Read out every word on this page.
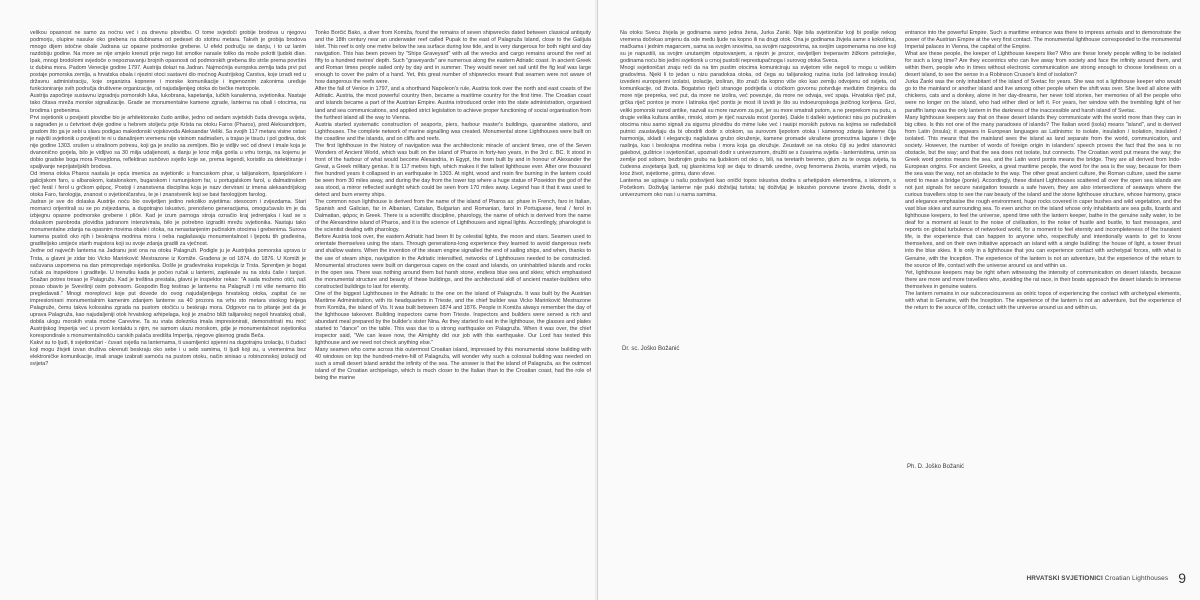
velikou opasnost ne samo za noćnu već i za dnevnu plovidbu. O tome svjedoči grobije brodova u njegovu podmorju, olupine nasuke oko grebena na dubinama od pedeset do stotinu metara. Takvih je grobija brodova mnogo dijem istočne obale Jadrana uz opasne podmorske grebene. U efekt području se danju, i to uz lanim razdobiju godine. Na more se nije smjelo krenuti prije nego list smotke narasle toliko da može pokriti ljudski dlan. Ipak, mnogi brodolomi svjedoče o nepoznavanju brojnih opasnosti od podmorskih grebena što strše prema površini iz dubina mora. Padom Venecije godine 1797. Austrija dolazi na Jadran. Najmoćnija europska zemlja tada prvi put postaje pomorska zemlja, a hrvatska obala i njezini otoci sastavni dio moćnog Austrijskog Carstva, koje izradi red u državnu administraciju, koje organizira kopnene i morske komunikacije i ingenoznim zakonima uređuje funkcioniranje svih područja društvene organizacije, od najudaljenijeg otoka do bečke metropole.

Austrija započinje sustavnu izgradnju pomorskih luka, lukobrana, kapetanija, lučkih kanalenna, svjetionika. Nastaje tako čitava mreža morske signalizacije. Grade se monumentalne kamene zgrade, lanterna na obali i otocima, na brodima i grebenima.

Prvi svjetionik u povijesti plovidbe bio je arhitektonsko čudo antike, jedno od sedam svjetskih čuda drevoga svijeta, a sagrađen je u četvrtoet dvije godine u hebrem stoljeću prije Krista na otoku Faros (Pharos), pred Aleksandrijom, gradom što ga je sebi u slavu podigao makedonski vojskovođa Aleksandar Veliki. Sa svojih 117 metara visine ostao je najviši svjetionik u povijesti te ni u današnjem vremenu nije visinom nadmašen, a trajao je tisuću i pol godina, dok nije godine 1303. srušen u strašnom potresu, koji ga je srušio sa zemljom. Bio je vidljiv već od dnevi i imale koja je dvanonično gorjela, bilo je vidljivo sa 30 milja udaljenosti, a danju je kroz milja gorila u vrhu tornja, na kojemu je dobio gradske boga mora Posejdona, reflektirao sunčevo svjetlo koje se, prema legendi, koristilo za detektiranje i spaljivanje neprijateljskih brodova.

Od imena otoka Pharos nastala je opća imenica za svjetionik: u francuskom phar, u talijanskom, španjolskom i galicijskom faro, u albanskom, katalonskom, bugarskom i rumunjskom far, u portugalskom farol, u dalmatinskom riječ ferál / ferol u grčkom φάρος. Postoji i znanstvena disciplina koja je nazv dervirani iz imena aleksandrijskog otoka Faro, farologija, znanost o svjetioničarstvu, te je i znanstvenik koji se bavi farologijom farolog.

Jadran je sve do dolaska Austrije noću bio osvijetljen jedino nekoliko svjetiima: stesocom i zvijezdama. Stari mornarci orijentirali su se po zvijezdama, a dugotrajno iskustvo, prenošeno generacijama, omogućavalo im je da izbjegnu opasne podmorske grebene i pliće. Kad je izum parnoga stroja označio kraj jedrenjaka i kad se s dolaskom parobroda plovidba jadranom intenzivirala, bilo je potrebno izgraditi mrežu svjetionika. Nastaju tako monumentalne zdanja na opasnim rtovima obale i otoka, na nenastanjenim pučinskim otocima i grebenima. Surova kamena pustoš oko njih i beskrajna modrina mora i neba naglašavaju monumentalnost i ljepotu tih građevina, graditeljsko umijeće starih majstora koji su svoje zdanja gradili za vječnost.

Jedne od najvećih lanterna na Jadranu jest ona na otoku Palagruži. Podigle ju je Austrijska pomorska uprava iz Trsta, a glavni je zidar bio Vicko Marinković Mestrazone iz Komiže. Građena je od 1874. do 1876. U Komiži je sačuvana uspomena na dan primopredaje svjetionika. Došle je građevinska inspekcija iz Trsta. Sprentjen je bogat ručak za inspektore i graditelje. U trenutku kada je počeo ručak u lanterni, zaplesale su na stolu čaše i tanjuri. Snažan potres tresao je Palagružu. Kad je treština prestala, glavni je inspektor rekao: "A sada možemo otići, naš posao obavio je Svevišnji osim potresom. Gospodin Bog testirao je lanternu na Palagruži i mi više nemamo što pregledavati." Mnogi moreplovci koje put dovede do ovog najudaljenijega hrvatskog otoka, zapitat će se impresionirani monumentalnim kamenim zdanjem lanterne sa 40 prozora na vrhu sto metara visokog brijega Palagruže, čemu takva kolosalna zgrada na pustom otočiću u beskraju mora. Odgovor na to pitanje jest da je uprava Palagruža, kao najudaljeniji otok hrvatskog arhipelaga, koji je značno bliži talijanskoj negoli hrvatskoj obali, dobila ulogu morskih vrata moćne Carevine. Ta su vrata doleznka imala impresionirati, demonstrirati mu moć Austrijskog Imperija već u prvom kontaktu s njim, ne samom ulazu morskom, gdje je monumentalnost svjetionika korespondirale s monumentalnošću carskih palača središta Imperija, njegove glavnog grada Beča.

Kakvi su to ljudi, ti svjetioničari - čuvari svjetla na lanternama, ti usamljenici spjenni na dugotrajnu izolaciju, ti čudaci koji mogu živjeti izvan društva okrenuti beskraju oko sebe i u sebi samima, ti ljudi koji su, u vremenima bez elektroničke komunikacije, imali snage izabrati samoću na pustom otoku, način sinisao u robinzonskoj izolaciji od svijeta?

Tonko Borčić Bako, a diver from Komiža, found the remains of seven shipwrecks dated between classical antiquity and the 18th century near an underwater reef called Pupak to the east of Palagruža Island, close to the Galijula islet. This reef is only one metre below the sea surface during low tide, and is very dangerous for both night and day navigation. This has been proven by "Ships Graveyard" with all the wrecks and cargo remains around the reef at fifty to a hundred metres' depth. Such "graveyards" are numerous along the eastern Adriatic coast. In ancient Greek and Roman times people sailed only by day and in summer. They would never set sail until the fig leaf was large enough to cover the palm of a hand. Yet, this great number of shipwrecks meant that seamen were not aware of how dangerous the reefs were.

After the fall of Venice in 1797, and a shorthand Napoleon's rule, Austria took over the north and east coasts of the Adriatic. Austria, the most powerful country then, became a maritime country for the first time. The Croatian coast and islands became a part of the Austrian Empire. Austria introduced order into the state administration, organised land and sea communications, and applied strict legislation to achieve proper functioning of social organisation from the furthest island all the way to Vienna.

Austria started systematic construction of seaports, piers, harbour master's buildings, quarantine stations, and Lighthouses. The complete network of marine signalling was created. Monumental stone Lighthouses were built on the coastline and the islands, and on cliffs and reefs.

The first lighthouse in the history of navigation was the architectonic miracle of ancient times, one of the Seven Wonders of Ancient World, which was built on the island of Pharos in forty-two years, in the 3rd c. BC. It stood in front of the harbour of what would become Alexandria, in Egypt, the town built by and in honour of Alexander the Great, a Greek military genius. It is 117 metres high, which makes it the tallest lighthouse ever. After one thousand five hundred years it collapsed in an earthquake in 1303. At night, wood and resin fire burning in the lantern could be seen from 30 miles away, and during the day from the tower top where a huge statue of Poseidon the god of the sea stood, a mirror reflected sunlight which could be seen from 170 miles away. Legend has it that it was used to detect and burn enemy ships.

The common noun lighthouse is derived from the name of the island of Pharos as: phare in French, faro in Italian, Spanish and Galician, far in Albanian, Catalan, Bulgarian and Romanian, farol in Portuguese, feral / ferol in Dalmatian, φάρος in Greek. There is a scientific discipline, pharology, the name of which is derived from the name of the Alexandrine island of Pharos, and it is the science of Lighthouses and signal lights. Accordingly, pharologist is the scientist dealing with pharology.

Before Austria took over, the eastern Adriatic had been lit by celestial lights, the moon and stars. Seamen used to orientate themselves using the stars. Through generations-long experience they learned to avoid dangerous reefs and shallow waters. When the invention of the steam engine signalled the end of sailing ships, and when, thanks to the use of steam ships, navigation in the Adriatic intensified, networks of Lighthouses needed to be constructed. Monumental structures were built on dangerous capes on the coast and islands, on uninhabited islands and rocks in the open sea. There was nothing around them but harsh stone, endless blue sea and skies; which emphasised the monumental structure and beauty of these buildings, and the architectural skill of ancient master-builders who constructed buildings to last for eternity.

One of the biggest Lighthouses in the Adriatic is the one on the island of Palagruža. It was built by the Austrian Maritime Administration, with its headquarters in Trieste, and the chief builder was Vicko Marinković Mestrazone from Komiža, the island of Vis. It was built between 1874 and 1876. People in Komiža always remember the day of the lighthouse takeover. Building inspectors came from Trieste. Inspectors and builders were served a rich and abundant meal prepared by the builder's sister Nina. As they started to eat in the lighthouse, the glasses and plates started to "dance" on the table. This was due to a strong earthquake on Palagruža. When it was over, the chief inspector said, "We can leave now, the Almighty did our job with this earthquake. Our Lord has tested this lighthouse and we need not check anything else."

Many seamen who come across this outermost Croatian island, impressed by this monumental stone building with 40 windows on top the hundred-metre-hill of Palagruža, will wonder why such a colossal building was needed on such a small desert island amidst the infinity of the sea. The answer is that the island of Palagruža, as the outmost island of the Croatian archipelago, which is much closer to the Italian than to the Croatian coast, had the role of being the marine

Na otoku Svecu živjela je godinama samo jedna žena, Jurka Žanki. Nije bila svjetioničar koji bi poslije nekog vremena dočekao smjenu da ode među ljude na kopno ili na drugi otok. Ona je godinama živjela same s kokošima, mačkama i jednim magarcem, sama sa svojim snovima, sa svojim razgovorima, sa svojim uspomenama na one koji su je napustili, sa svojim unutarnjim otputovanjem, a njezin je prozor, osvijetljen treperavim žižkom petrolejke, godinama noću bio jedini svjetionik u crnoj pustoši neprestupačnoga i surovog otoka Sveca.

Mnogi svjetioničari znaju reći da na tim pustim otocima komuniciraju sa svijetom više negoli to mogu u velikim gradovima. Njeki li to jedan u nizu paradoksa otoka, od čega su talijanskog razina iszla (od latinskog insula) izvedeni europsjenni izolatsi, izolacije, izoliran, što znači da kopno više oko kao zemlju odvojenu od svijeta, od komunikacije, od života. Bogatstvo riječi stranoge podrijetla u otočkom govornu potvrđuje međutim činjenicu da more nije prepreka, već put, da more ne izolira, već povezuje, da more ne odvaja, već spaja. Hrvatska riječ put, grčka riječ pontos je more i latinska riječ pontis je most ili izvidi je što su indoeuropskoga jezičnog korijena. Grci, veliki pomorski narod antike, nazvali su more razvom za put, jer su more smatrali putom, a ne preprekom na putu, a drugie velika kultura antike, rimski, stom je riječ nazvala most (ponte). Dakle ti dalleki svjetionici nisu po pučinskim otocima nisu samo signali za sigurnu plovidbu do mime luke već i nasipi morskih putova na kojima se rađedaboli putnici zaustavljaju da bi obodrili dodir s otokom, sa surovom ljepotom otoka i kamenog zdanja lanterne čija harmonija, skladi i eleganciju naglašava grubo okruženje, kamene gromade ukrašene gromozima lagane i divlje raslinja, kao i beskrajna modrina neba i mora koja ga okružuje. Zeustavit se na otoku čiji su jedini stanovnici galebovi, guštrice i svjetioničari, upoznati dodir s univerzumom, družiti se s čuvarima svjetla - lanternistima, umin sa zemlje pod sobom, bezbrojim grubu na ljudskom od oko o, bili, na teretarih beremo, glum zu te ovoga svijeta, ta čudesna zsvjetanja ljudi, raj glasnicima koji se daju to dinamik uredne, ovog fenomena života, vramim vrijedi, na kroz život, svjetiome, grimu, dano vlove.

Lanterna se upisuje u našu podsvijest kao onički topos iskustva dodira s arhetipskim elementima, s iskonom, s Početkom. Doživljaj lanterne nije puki doživljaj turista; taj doživljaj je iskustvo ponovne izvore života, dodir s univerzumom oko nas i u nama samima.

Dr. sc. Joško Božanić

entrance into the powerful Empire. Such a maritime entrance was there to impress arrivals and to demonstrate the power of the Austrian Empire at the very first contact. The monumental lighthouse corresponded to the monumental Imperial palaces in Vienna, the capital of the Empire.

What are these people, the keeper of Lighthouse keepers like? Who are these lonely people willing to be isolated for such a long time? Are they eccentrics who can live away from society and face the infinity around them, and within them, people who in times without electronic communication are strong enough to choose loneliness on a desert island, to see the sense in a Robinson Crusoe's kind of isolation?

Jurka Žanki was the only inhabitant of the island of Svetac for years. She was not a lighthouse keeper who would go to the mainland or another island and live among other people when the shift was over. She lived all alone with chickens, cats and a donkey, alone in her day-dreams, her never told stories, her memories of all the people who were no longer on the island, who had either died or left it. For years, her window with the trembling light of her paraffin lamp was the only lantern in the darkness of the inaccessible and harsh island of Svetac.

Many lighthouse keepers say that on these desert islands they communicate with the world more than they can in big cities. Is this not one of the many paradoxes of islands? The Italian word (isola) means "island", and is derived from Latin (insula); it appears in European languages as Latinisms: to isolate, insulation / isolation, insulated / isolated. This means that the mainland sees the island as land separate from the world, communication, and society. However, the number of words of foreign origin in islanders' speech proves the fact that the sea is no obstacle, but the way; and that the sea does not isolate, but connects. The Croatian word put means the way; the Greek word pontos means the sea, and the Latin word pontis means the bridge. They are all derived from Indo-European origins. For ancient Greeks, a great maritime people, the word for the sea is the way, because for them the sea was the way, not an obstacle to the way. The other great ancient culture, the Roman culture, used the same word to mean a bridge (ponte). Accordingly, these distant Lighthouses scattered all over the open sea islands are not just signals for secure navigation towards a safe haven, they are also intersections of seaways where the curious travellers stop to see the raw beauty of the island and the stone lighthouse structure, whose harmony, grace and elegance emphasise the rough environment, huge rocks covered in caper bushes and wild vegetation, and the vast blue skies and surrounding sea. To even anchor on the island whose only inhabitants are sea gulls, lizards and lighthouse keepers, to feel the universe, spend time with the lantern keeper, bathe in the genuine salty water, to be deaf for a moment at least to the noise of civilisation, to the noise of hustle and bustle, to fast messages, and reports on global turbulence of networked world, for a moment to feel eternity and incompleteness of the transient life, is the experience that can happen to anyone who, respectfully and intentionally wants to get to know themselves, and on their own initiative approach an island with a single building: the house of light, a tower thrust into the blue skies. It is only in a lighthouse that you can experience contact with archetypal forces, with what is Genuine, with the Inception. The experience of the lantern is not an adventure, but the experience of the return to the source of life, contact with the universe around us and within us.

Yet, lighthouse keepers may be right when witnessing the intensity of communication on desert islands, because there are more and more travellers who, avoiding the rat race, in their boats approach the desert islands to immerse themselves in genuine waters.

The lantern remains in our subconsciousness as oniric topos of experiencing the contact with archetypal elements, with what is Genuine, with the Inception. The experience of the lantern is not an adventure, but the experience of the return to the source of life, contact with the universe around us and within us.

Ph. D. Joško Božanić
HRVATSKI SVJETIONICI Croatian Lighthouses 9
